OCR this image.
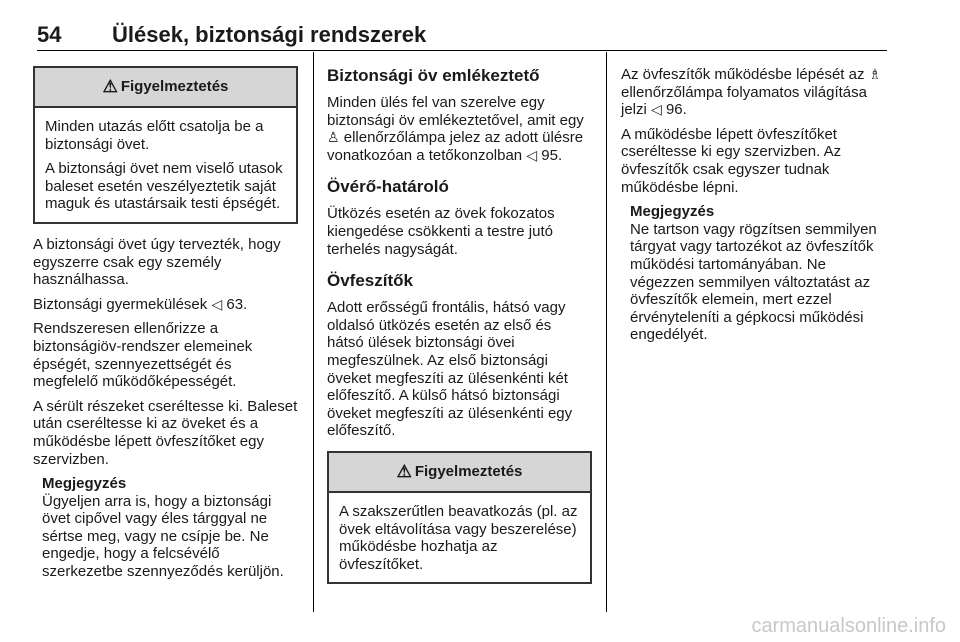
54 Ülések, biztonsági rendszerek
⚠ Figyelmeztetés

Minden utazás előtt csatolja be a biztonsági övet.

A biztonsági övet nem viselő utasok baleset esetén veszélyeztetik saját maguk és utastársaik testi épségét.

A biztonsági övet úgy tervezték, hogy egyszerre csak egy személy használhassa.

Biztonsági gyermekülések ◁ 63.

Rendszeresen ellenőrizze a biztonságiöv-rendszer elemeinek épségét, szennyezettségét és megfelelő működőképességét.

A sérült részeket cseréltesse ki. Baleset után cseréltesse ki az öveket és a működésbe lépett övfeszítőket egy szervizben.

Megjegyzés
Ügyeljen arra is, hogy a biztonsági övet cipővel vagy éles tárggyal ne sértse meg, vagy ne csípje be. Ne engedje, hogy a felcsévélő szerkezetbe szennyeződés kerüljön.
Biztonsági öv emlékeztető

Minden ülés fel van szerelve egy biztonsági öv emlékeztetővel, amit egy ♙ ellenőrzőlámpa jelez az adott ülésre vonatkozóan a tetőkonzolban ◁ 95.

Övérő-határoló

Ütközés esetén az övek fokozatos kiengedése csökkenti a testre jutó terhelés nagyságát.

Övfeszítők

Adott erősségű frontális, hátsó vagy oldalsó ütközés esetén az első és hátsó ülések biztonsági övei megfeszülnek. Az első biztonsági öveket megfeszíti az ülésenkénti két előfeszítő. A külső hátsó biztonsági öveket megfeszíti az ülésenkénti egy előfeszítő.

⚠ Figyelmeztetés

A szakszerűtlen beavatkozás (pl. az övek eltávolítása vagy beszerelése) működésbe hozhatja az övfeszítőket.

Az övfeszítők működésbe lépését az ♗ ellenőrzőlámpa folyamatos világítása jelzi ◁ 96.

A működésbe lépett övfeszítőket cseréltesse ki egy szervizben. Az övfeszítők csak egyszer tudnak működésbe lépni.

Megjegyzés
Ne tartson vagy rögzítsen semmilyen tárgyat vagy tartozékot az övfeszítők működési tartományában. Ne végezzen semmilyen változtatást az övfeszítők elemein, mert ezzel érvényteleníti a gépkocsi működési engedélyét.
carmanualsonline.info
